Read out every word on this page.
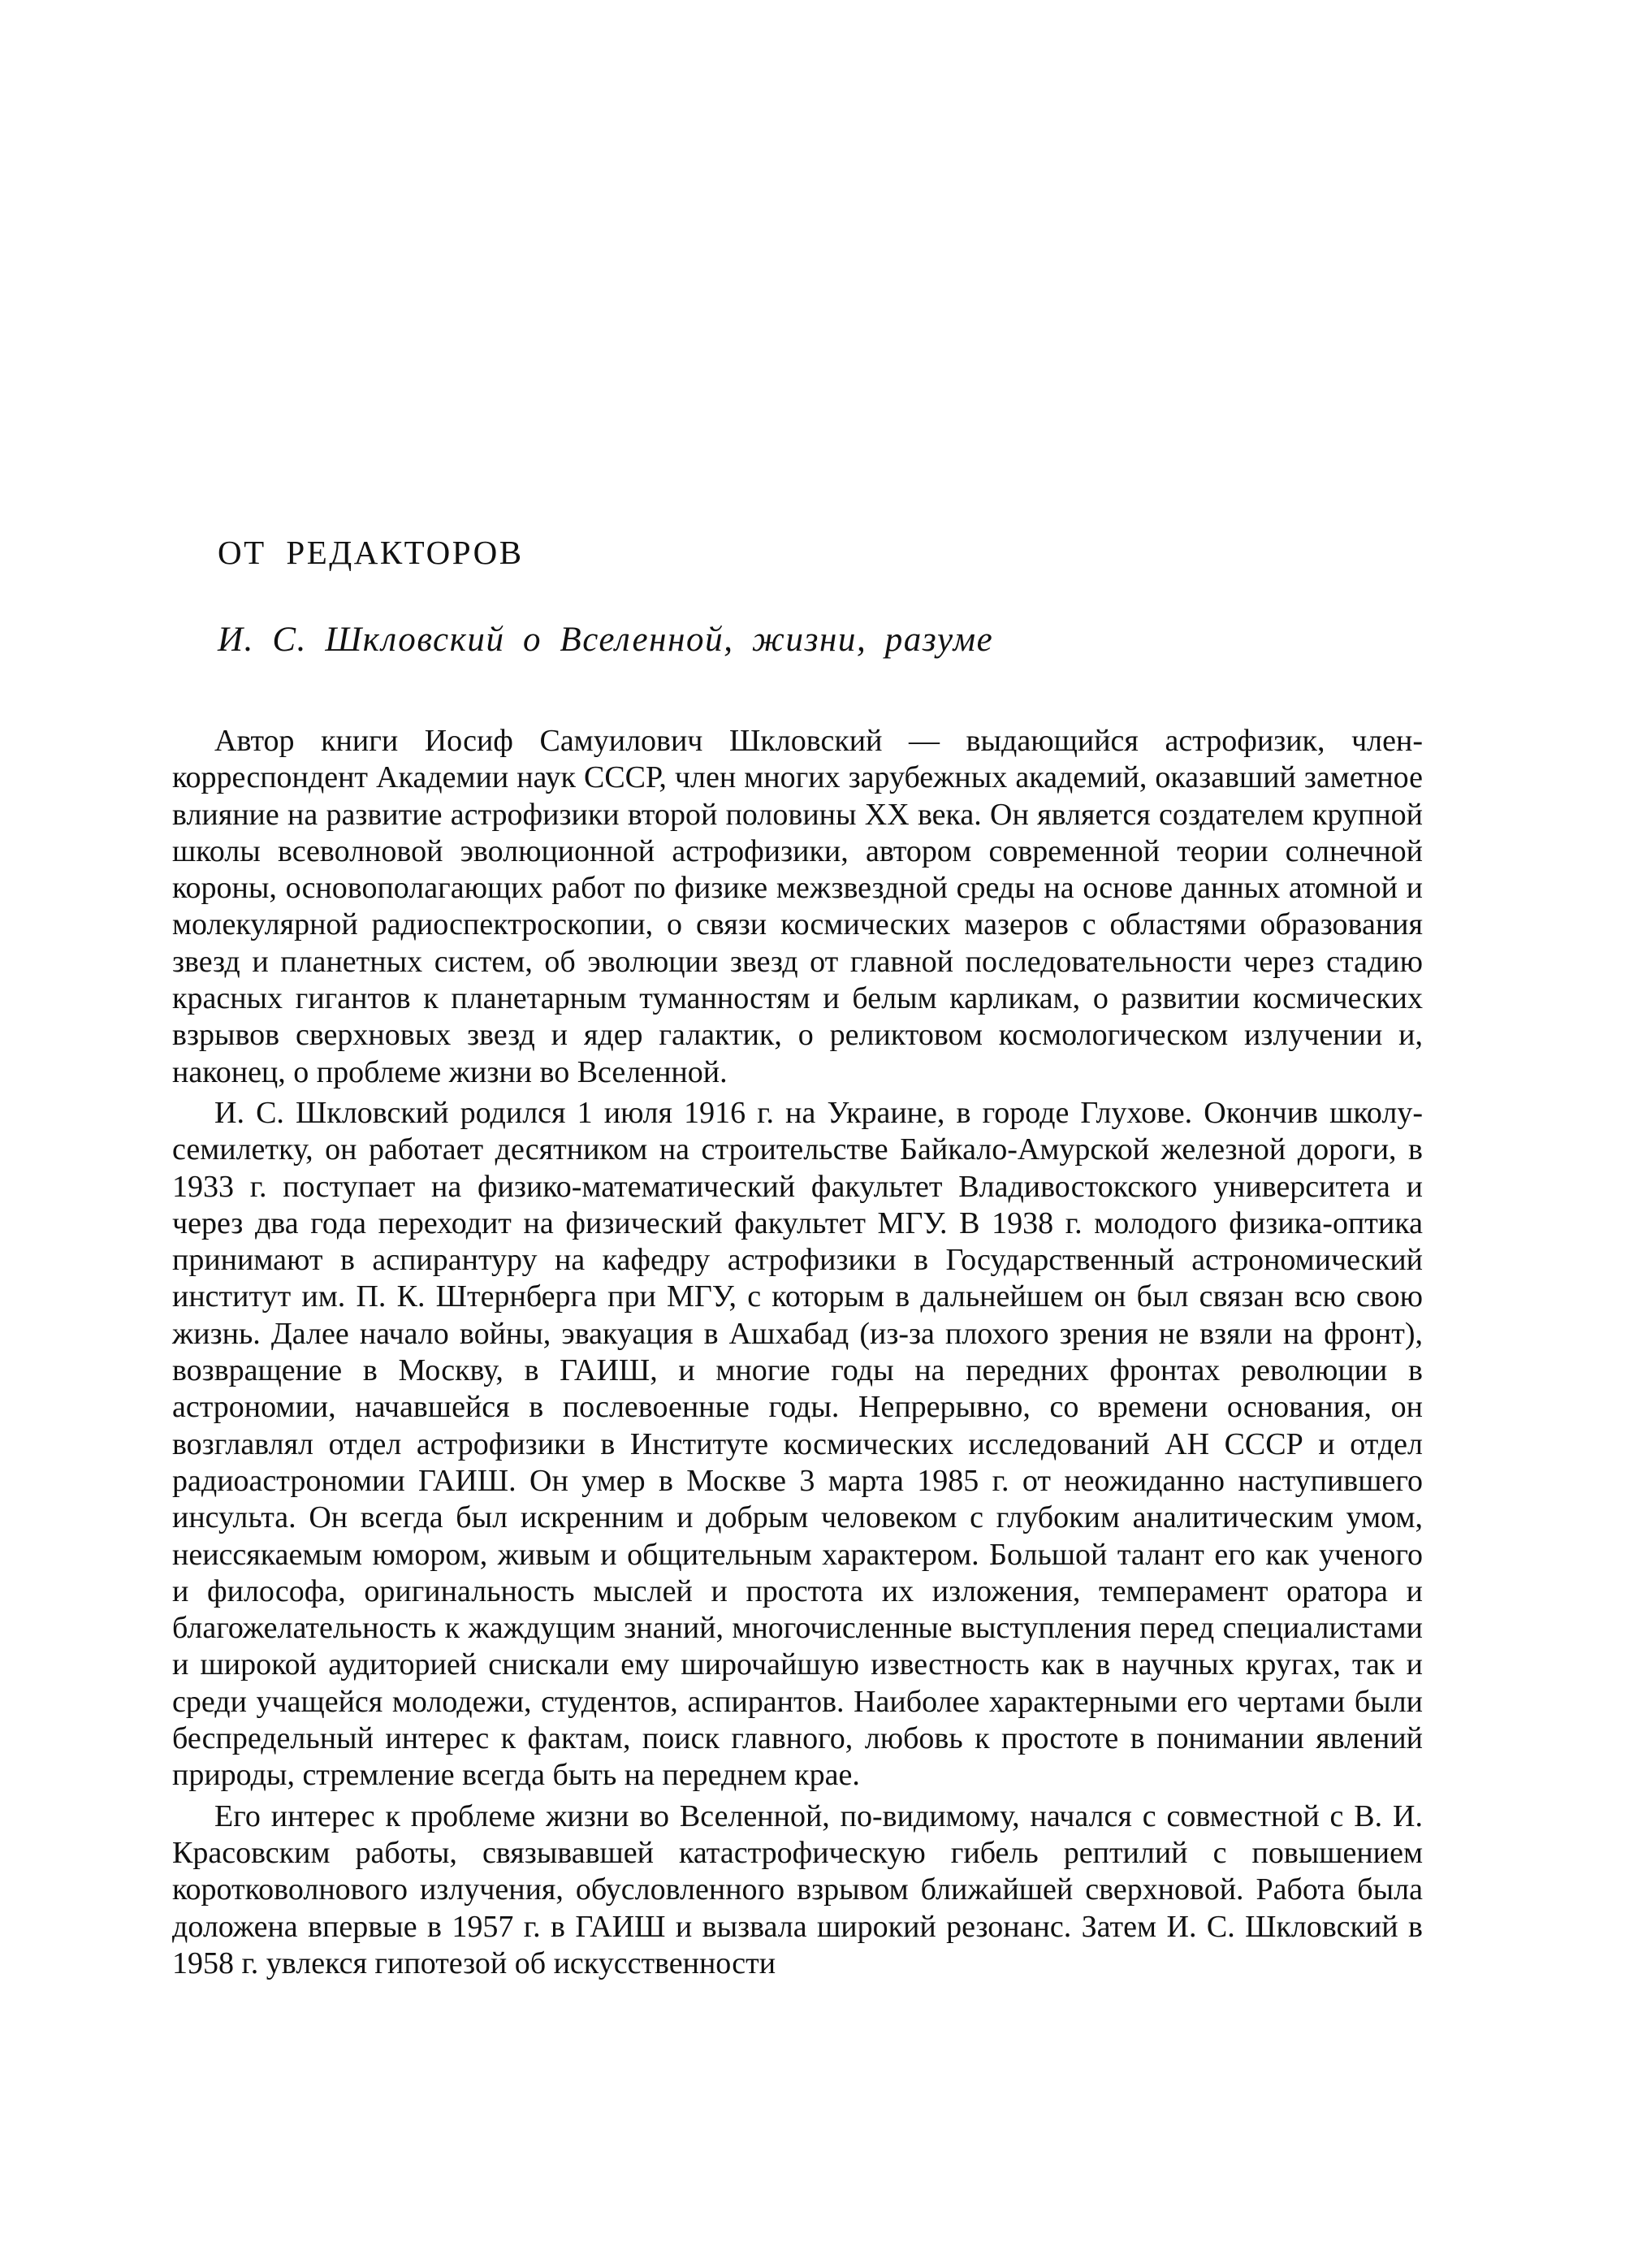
ОТ РЕДАКТОРОВ
И. С. Шкловский о Вселенной, жизни, разуме

Автор книги Иосиф Самуилович Шкловский — выдающийся астрофизик, член-корреспондент Академии наук СССР, член многих зарубежных академий, оказавший заметное влияние на развитие астрофизики второй половины XX века. Он является создателем крупной школы всеволновой эволюционной астрофизики, автором современной теории солнечной короны, основополагающих работ по физике межзвездной среды на основе данных атомной и молекулярной радиоспектроскопии, о связи космических мазеров с областями образования звезд и планетных систем, об эволюции звезд от главной последовательности через стадию красных гигантов к планетарным туманностям и белым карликам, о развитии космических взрывов сверхновых звезд и ядер галактик, о реликтовом космологическом излучении и, наконец, о проблеме жизни во Вселенной.

И. С. Шкловский родился 1 июля 1916 г. на Украине, в городе Глухове. Окончив школу-семилетку, он работает десятником на строительстве Байкало-Амурской железной дороги, в 1933 г. поступает на физико-математический факультет Владивостокского университета и через два года переходит на физический факультет МГУ. В 1938 г. молодого физика-оптика принимают в аспирантуру на кафедру астрофизики в Государственный астрономический институт им. П. К. Штернберга при МГУ, с которым в дальнейшем он был связан всю свою жизнь. Далее начало войны, эвакуация в Ашхабад (из-за плохого зрения не взяли на фронт), возвращение в Москву, в ГАИШ, и многие годы на передних фронтах революции в астрономии, начавшейся в послевоенные годы. Непрерывно, со времени основания, он возглавлял отдел астрофизики в Институте космических исследований АН СССР и отдел радиоастрономии ГАИШ. Он умер в Москве 3 марта 1985 г. от неожиданно наступившего инсульта. Он всегда был искренним и добрым человеком с глубоким аналитическим умом, неиссякаемым юмором, живым и общительным характером. Большой талант его как ученого и философа, оригинальность мыслей и простота их изложения, темперамент оратора и благожелательность к жаждущим знаний, многочисленные выступления перед специалистами и широкой аудиторией снискали ему широчайшую известность как в научных кругах, так и среди учащейся молодежи, студентов, аспирантов. Наиболее характерными его чертами были беспредельный интерес к фактам, поиск главного, любовь к простоте в понимании явлений природы, стремление всегда быть на переднем крае.

Его интерес к проблеме жизни во Вселенной, по-видимому, начался с совместной с В. И. Красовским работы, связывавшей катастрофическую гибель рептилий с повышением коротковолнового излучения, обусловленного взрывом ближайшей сверхновой. Работа была доложена впервые в 1957 г. в ГАИШ и вызвала широкий резонанс. Затем И. С. Шкловский в 1958 г. увлекся гипотезой об искусственности
